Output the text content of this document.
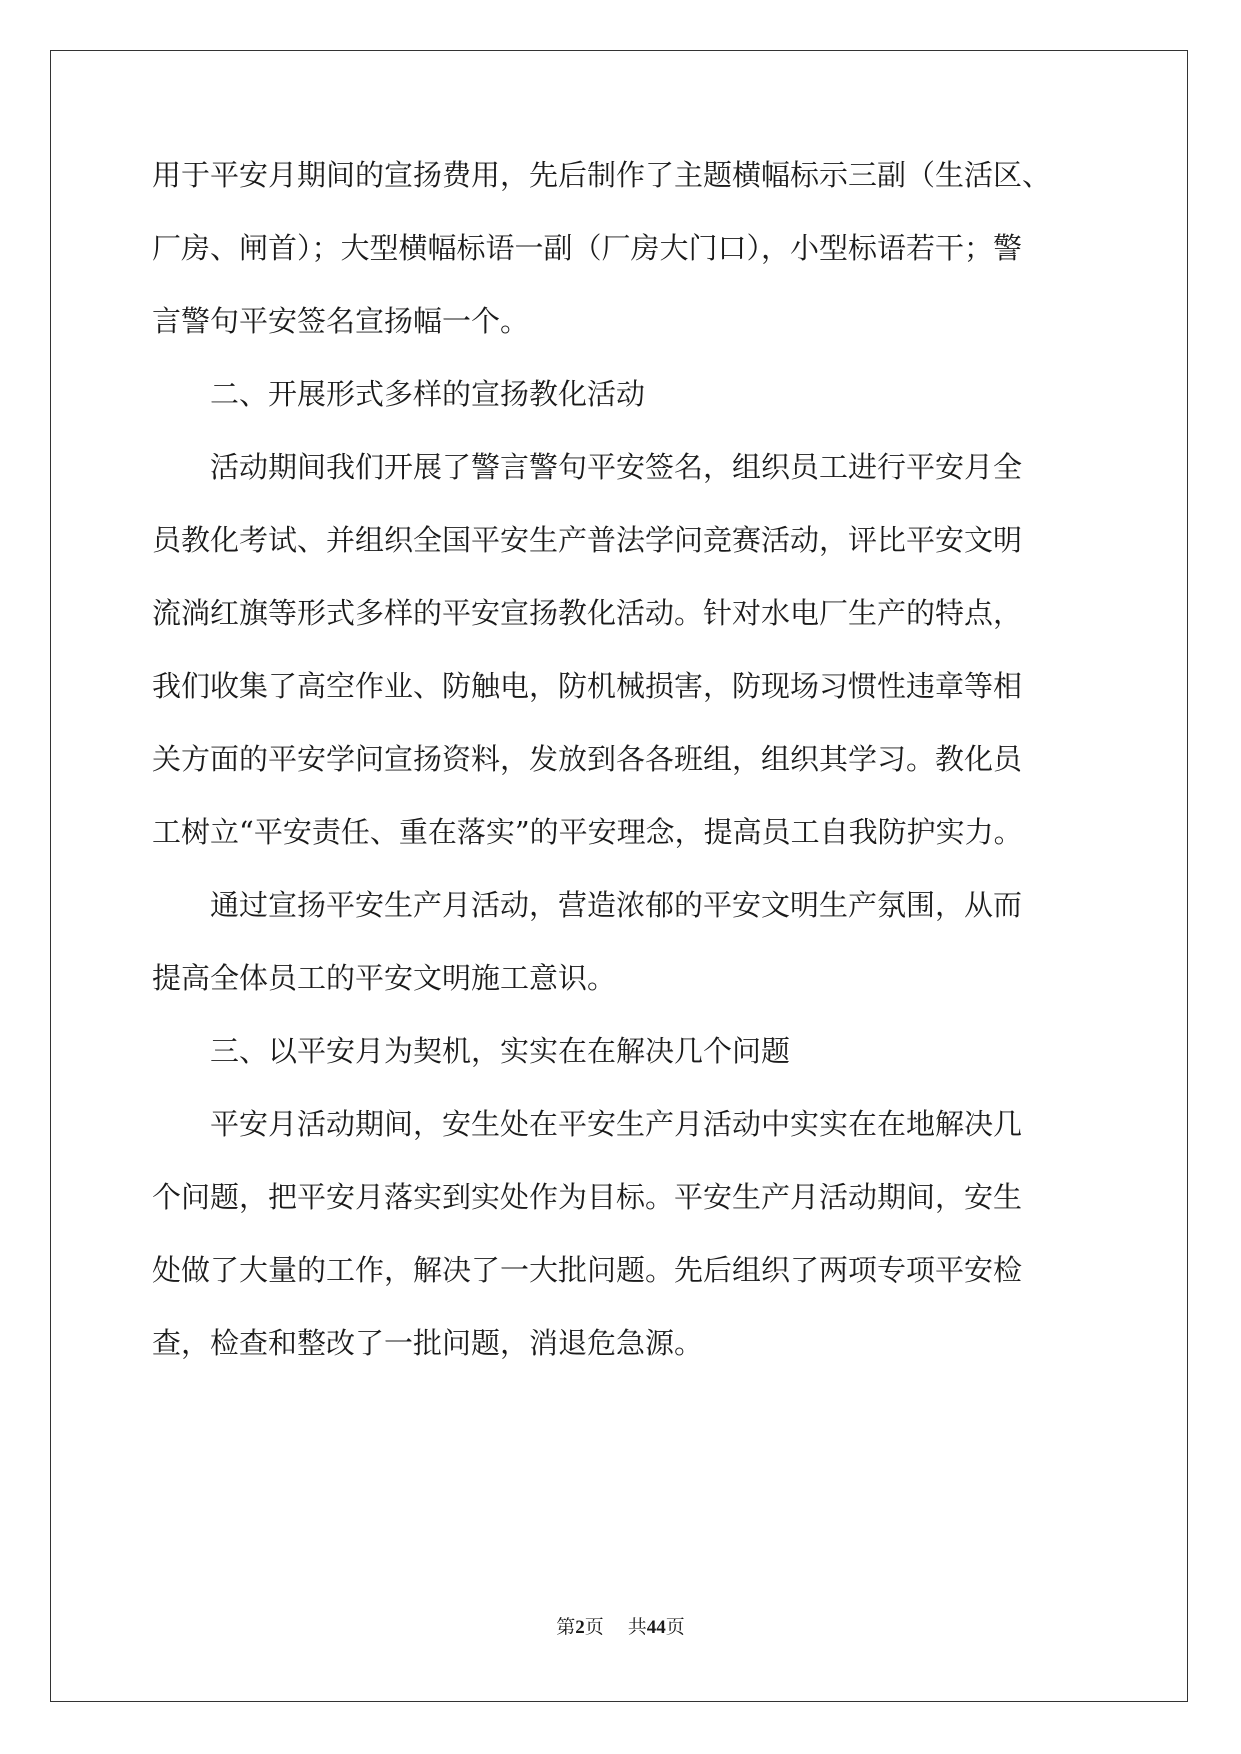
用于平安月期间的宣扬费用，先后制作了主题横幅标示三副（生活区、
厂房、闸首）；大型横幅标语一副（厂房大门口），小型标语若干；警
言警句平安签名宣扬幅一个。
二、开展形式多样的宣扬教化活动
活动期间我们开展了警言警句平安签名，组织员工进行平安月全
员教化考试、并组织全国平安生产普法学问竞赛活动，评比平安文明
流淌红旗等形式多样的平安宣扬教化活动。针对水电厂生产的特点，
我们收集了高空作业、防触电，防机械损害，防现场习惯性违章等相
关方面的平安学问宣扬资料，发放到各各班组，组织其学习。教化员
工树立“平安责任、重在落实”的平安理念，提高员工自我防护实力。
通过宣扬平安生产月活动，营造浓郁的平安文明生产氛围，从而
提高全体员工的平安文明施工意识。
三、以平安月为契机，实实在在解决几个问题
平安月活动期间，安生处在平安生产月活动中实实在在地解决几
个问题，把平安月落实到实处作为目标。平安生产月活动期间，安生
处做了大量的工作，解决了一大批问题。先后组织了两项专项平安检
查，检查和整改了一批问题，消退危急源。
第2页 共44页
